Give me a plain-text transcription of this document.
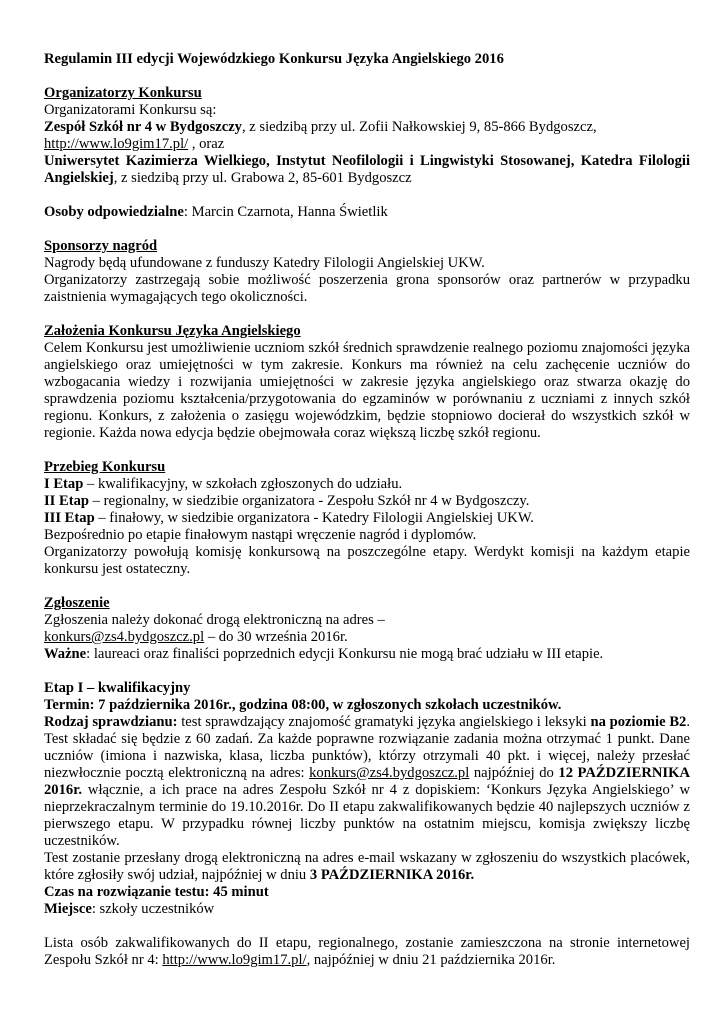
Regulamin III edycji Wojewódzkiego Konkursu Języka Angielskiego 2016

Organizatorzy Konkursu

Organizatorami Konkursu są:

Zespół Szkół nr 4 w Bydgoszczy, z siedzibą przy ul. Zofii Nałkowskiej 9, 85-866 Bydgoszcz,

http://www.lo9gim17.pl/ , oraz

Uniwersytet Kazimierza Wielkiego, Instytut Neofilologii i Lingwistyki Stosowanej, Katedra Filologii Angielskiej, z siedzibą przy ul. Grabowa 2, 85-601 Bydgoszcz

Osoby odpowiedzialne: Marcin Czarnota, Hanna Świetlik

Sponsorzy nagród

Nagrody będą ufundowane z funduszy Katedry Filologii Angielskiej UKW.

Organizatorzy zastrzegają sobie możliwość poszerzenia grona sponsorów oraz partnerów w przypadku zaistnienia wymagających tego okoliczności.

Założenia Konkursu Języka Angielskiego

Celem Konkursu jest umożliwienie uczniom szkół średnich sprawdzenie realnego poziomu znajomości języka angielskiego oraz umiejętności w tym zakresie. Konkurs ma również na celu zachęcenie uczniów do wzbogacania wiedzy i rozwijania umiejętności w zakresie języka angielskiego oraz stwarza okazję do sprawdzenia poziomu kształcenia/przygotowania do egzaminów w porównaniu z uczniami z innych szkół regionu. Konkurs, z założenia o zasięgu wojewódzkim, będzie stopniowo docierał do wszystkich szkół w regionie. Każda nowa edycja będzie obejmowała coraz większą liczbę szkół regionu.

Przebieg Konkursu

I Etap – kwalifikacyjny, w szkołach zgłoszonych do udziału.

II Etap – regionalny, w siedzibie organizatora - Zespołu Szkół nr 4 w Bydgoszczy.

III Etap – finałowy, w siedzibie organizatora - Katedry Filologii Angielskiej UKW.

Bezpośrednio po etapie finałowym nastąpi wręczenie nagród i dyplomów.

Organizatorzy powołują komisję konkursową na poszczególne etapy. Werdykt komisji na każdym etapie konkursu jest ostateczny.

Zgłoszenie

Zgłoszenia należy dokonać drogą elektroniczną na adres –

konkurs@zs4.bydgoszcz.pl – do 30 września 2016r.

Ważne: laureaci oraz finaliści poprzednich edycji Konkursu nie mogą brać udziału w III etapie.

Etap I – kwalifikacyjny

Termin: 7 października 2016r., godzina 08:00, w zgłoszonych szkołach uczestników.

Rodzaj sprawdzianu: test sprawdzający znajomość gramatyki języka angielskiego i leksyki na poziomie B2. Test składać się będzie z 60 zadań. Za każde poprawne rozwiązanie zadania można otrzymać 1 punkt. Dane uczniów (imiona i nazwiska, klasa, liczba punktów), którzy otrzymali 40 pkt. i więcej, należy przesłać niezwłocznie pocztą elektroniczną na adres: konkurs@zs4.bydgoszcz.pl najpóźniej do 12 PAŹDZIERNIKA 2016r. włącznie, a ich prace na adres Zespołu Szkół nr 4 z dopiskiem: ‘Konkurs Języka Angielskiego’ w nieprzekraczalnym terminie do 19.10.2016r. Do II etapu zakwalifikowanych będzie 40 najlepszych uczniów z pierwszego etapu. W przypadku równej liczby punktów na ostatnim miejscu, komisja zwiększy liczbę uczestników.

Test zostanie przesłany drogą elektroniczną na adres e-mail wskazany w zgłoszeniu do wszystkich placówek, które zgłosiły swój udział, najpóźniej w dniu 3 PAŹDZIERNIKA 2016r.

Czas na rozwiązanie testu: 45 minut

Miejsce: szkoły uczestników

Lista osób zakwalifikowanych do II etapu, regionalnego, zostanie zamieszczona na stronie internetowej Zespołu Szkół nr 4: http://www.lo9gim17.pl/, najpóźniej w dniu 21 października 2016r.
